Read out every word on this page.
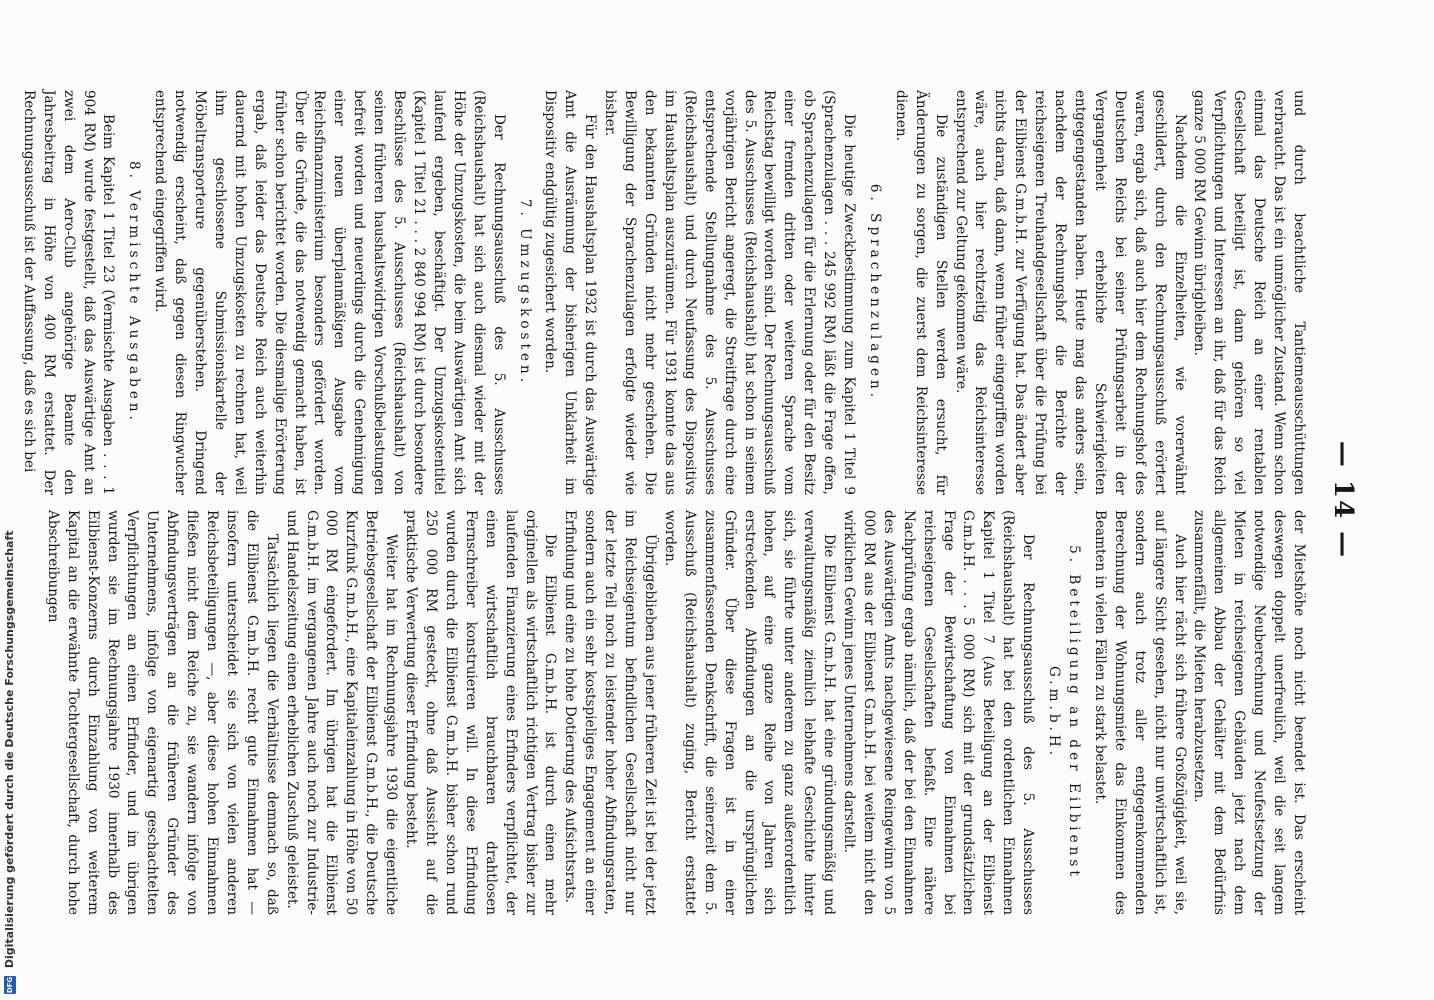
— 14 —

und durch beachtliche Tantiemeausschüttungen verbraucht. Das ist ein unmöglicher Zustand. Wenn schon einmal das Deutsche Reich an einer rentablen Gesellschaft beteiligt ist, dann gehören so viel Verpflichtungen und Interessen an ihr, daß für das Reich ganze 5 000 RM Gewinn übrigbleiben.

Nachdem die Einzelheiten, wie vorerwähnt geschildert, durch den Rechnungsausschuß erörtert waren, ergab sich, daß auch hier dem Rechnungshof des Deutschen Reichs bei seiner Prüfungsarbeit in der Vergangenheit erhebliche Schwierigkeiten entgegengestanden haben. Heute mag das anders sein, nachdem der Rechnungshof die Berichte der reichseigenen Treuhandgesellschaft über die Prüfung bei der Eilbienst G.m.b.H. zur Verfügung hat. Das ändert aber nichts daran, daß dann, wenn früher eingegriffen worden wäre, auch hier rechtzeitig das Reichsinteresse entsprechend zur Geltung gekommen wäre.

Die zuständigen Stellen werden ersucht, für Änderungen zu sorgen, die zuerst dem Reichsinteresse dienen.

6. Sprachenzulagen.

Die heutige Zweckbestimmung zum Kapitel 1 Titel 9 (Sprachenzulagen . . . 245 992 RM) läßt die Frage offen, ob Sprachenzulagen für die Erlernung oder für den Besitz einer fremden dritten oder weiteren Sprache vom Reichstag bewilligt worden sind. Der Rechnungsausschuß des 5. Ausschusses (Reichshaushalt) hat schon in seinem vorjährigen Bericht angeregt, die Streitfrage durch eine entsprechende Stellungnahme des 5. Ausschusses (Reichshaushalt) und durch Neufassung des Dispositivs im Haushaltsplan auszuräumen. Für 1931 konnte das aus den bekannten Gründen nicht mehr geschehen. Die Bewilligung der Sprachenzulagen erfolgte wieder wie bisher.

Für den Haushaltsplan 1932 ist durch das Auswärtige Amt die Ausräumung der bisherigen Unklarheit im Dispositiv endgültig zugesichert worden.

7. Umzugskosten.

Der Rechnungsausschuß des 5. Ausschusses (Reichshaushalt) hat sich auch diesmal wieder mit der Höhe der Umzugskosten, die beim Auswärtigen Amt sich laufend ergeben, beschäftigt. Der Umzugskostentitel (Kapitel 1 Titel 21 . . . 2 840 994 RM) ist durch besondere Beschlüsse des 5. Ausschusses (Reichshaushalt) von seinen früheren haushaltswidrigen Vorschußbelastungen befreit worden und neuerdings durch die Genehmigung einer neuen überplanmäßigen Ausgabe vom Reichsfinanzministerium besonders gefördert worden. Über die Gründe, die das notwendig gemacht haben, ist früher schon berichtet worden. Die diesmalige Erörterung ergab, daß leider das Deutsche Reich auch weiterhin dauernd mit hohen Umzugskosten zu rechnen hat, weil ihm geschlossene Submissionskartelle der Möbeltransporteure gegenüberstehen. Dringend notwendig erscheint, daß gegen diesen Ringwucher entsprechend eingegriffen wird.

8. Vermischte Ausgaben.

Beim Kapitel 1 Titel 23 (Vermischte Ausgaben . . . 1 904 RM) wurde festgestellt, daß das Auswärtige Amt an zwei dem Aero-Club angehörige Beamte den Jahresbeitrag in Höhe von 400 RM erstattet. Der Rechnungsausschuß ist der Auffassung, daß es sich bei

der Mietshöhe noch nicht beendet ist. Das erscheint deswegen doppelt unerfreulich, weil die seit langem notwendige Neuberechnung und Neufestsetzung der Mieten in reichseigenen Gebäuden jetzt nach dem allgemeinen Abbau der Gehälter mit dem Bedürfnis zusammenfällt, die Mieten herabzusetzen.

Auch hier rächt sich frühere Großzügigkeit, weil sie, auf längere Sicht gesehen, nicht nur unwirtschaftlich ist, sondern auch trotz aller entgegenkommenden Berechnung der Wohnungsmiete das Einkommen des Beamten in vielen Fällen zu stark belastet.

5. Beteiligung an der Eilbienst G.m.b.H.

Der Rechnungsausschuß des 5. Ausschusses (Reichshaushalt) hat bei den ordentlichen Einnahmen Kapitel 1 Titel 7 (Aus Beteiligung an der Eilbienst G.m.b.H. . . . 5 000 RM) sich mit der grundsätzlichen Frage der Bewirtschaftung von Einnahmen bei reichseigenen Gesellschaften befaßt. Eine nähere Nachprüfung ergab nämlich, daß der bei den Einnahmen des Auswärtigen Amts nachgewiesene Reingewinn von 5 000 RM aus der Eilbienst G.m.b.H. bei weitem nicht den wirklichen Gewinn jenes Unternehmens darstellt.

Die Eilbienst G.m.b.H. hat eine gründungsmäßig und verwaltungsmäßig ziemlich lebhafte Geschichte hinter sich, sie führte unter anderem zu ganz außerordentlich hohen, auf eine ganze Reihe von Jahren sich erstreckenden Abfindungen an die ursprünglichen Gründer. Über diese Fragen ist in einer zusammenfassenden Denkschrift, die seinerzeit dem 5. Ausschuß (Reichshaushalt) zuging, Bericht erstattet worden.

Übriggeblieben aus jener früheren Zeit ist bei der jetzt im Reichseigentum befindlichen Gesellschaft nicht nur der letzte Teil noch zu leistender hoher Abfindungsraten, sondern auch ein sehr kostspieliges Engagement an einer Erfindung und eine zu hohe Dotierung des Aufsichtsrats.

Die Eilbienst G.m.b.H. ist durch einen mehr originellen als wirtschaftlich richtigen Vertrag bisher zur laufenden Finanzierung eines Erfinders verpflichtet, der einen wirtschaftlich brauchbaren drahtlosen Fernschreiber konstruieren will. In diese Erfindung wurden durch die Eilbienst G.m.b.H. bisher schon rund 250 000 RM gesteckt, ohne daß Aussicht auf die praktische Verwertung dieser Erfindung besteht.

Weiter hat im Rechnungsjahre 1930 die eigentliche Betriebsgesellschaft der Eilbienst G.m.b.H., die Deutsche Kurzfunk G.m.b.H., eine Kapitaleinzahlung in Höhe von 50 000 RM eingefordert. Im übrigen hat die Eilbienst G.m.b.H. im vergangenen Jahre auch noch zur Industrie- und Handelszeitung einen erheblichen Zuschuß geleistet.

Tatsächlich liegen die Verhältnisse demnach so, daß die Eilbienst G.m.b.H. recht gute Einnahmen hat — insofern unterscheidet sie sich von vielen anderen Reichsbeteiligungen —, aber diese hohen Einnahmen fließen nicht dem Reiche zu, sie wandern infolge von Abfindungsverträgen an die früheren Gründer des Unternehmens, infolge von eigenartig geschachtelten Verpflichtungen an einen Erfinder, und im übrigen wurden sie im Rechnungsjahre 1930 innerhalb des Eilbienst-Konzerns durch Einzahlung von weiterem Kapital an die erwähnte Tochtergesellschaft, durch hohe Abschreibungen

DFG Digitalisierung gefördert durch die Deutsche Forschungsgemeinschaft
